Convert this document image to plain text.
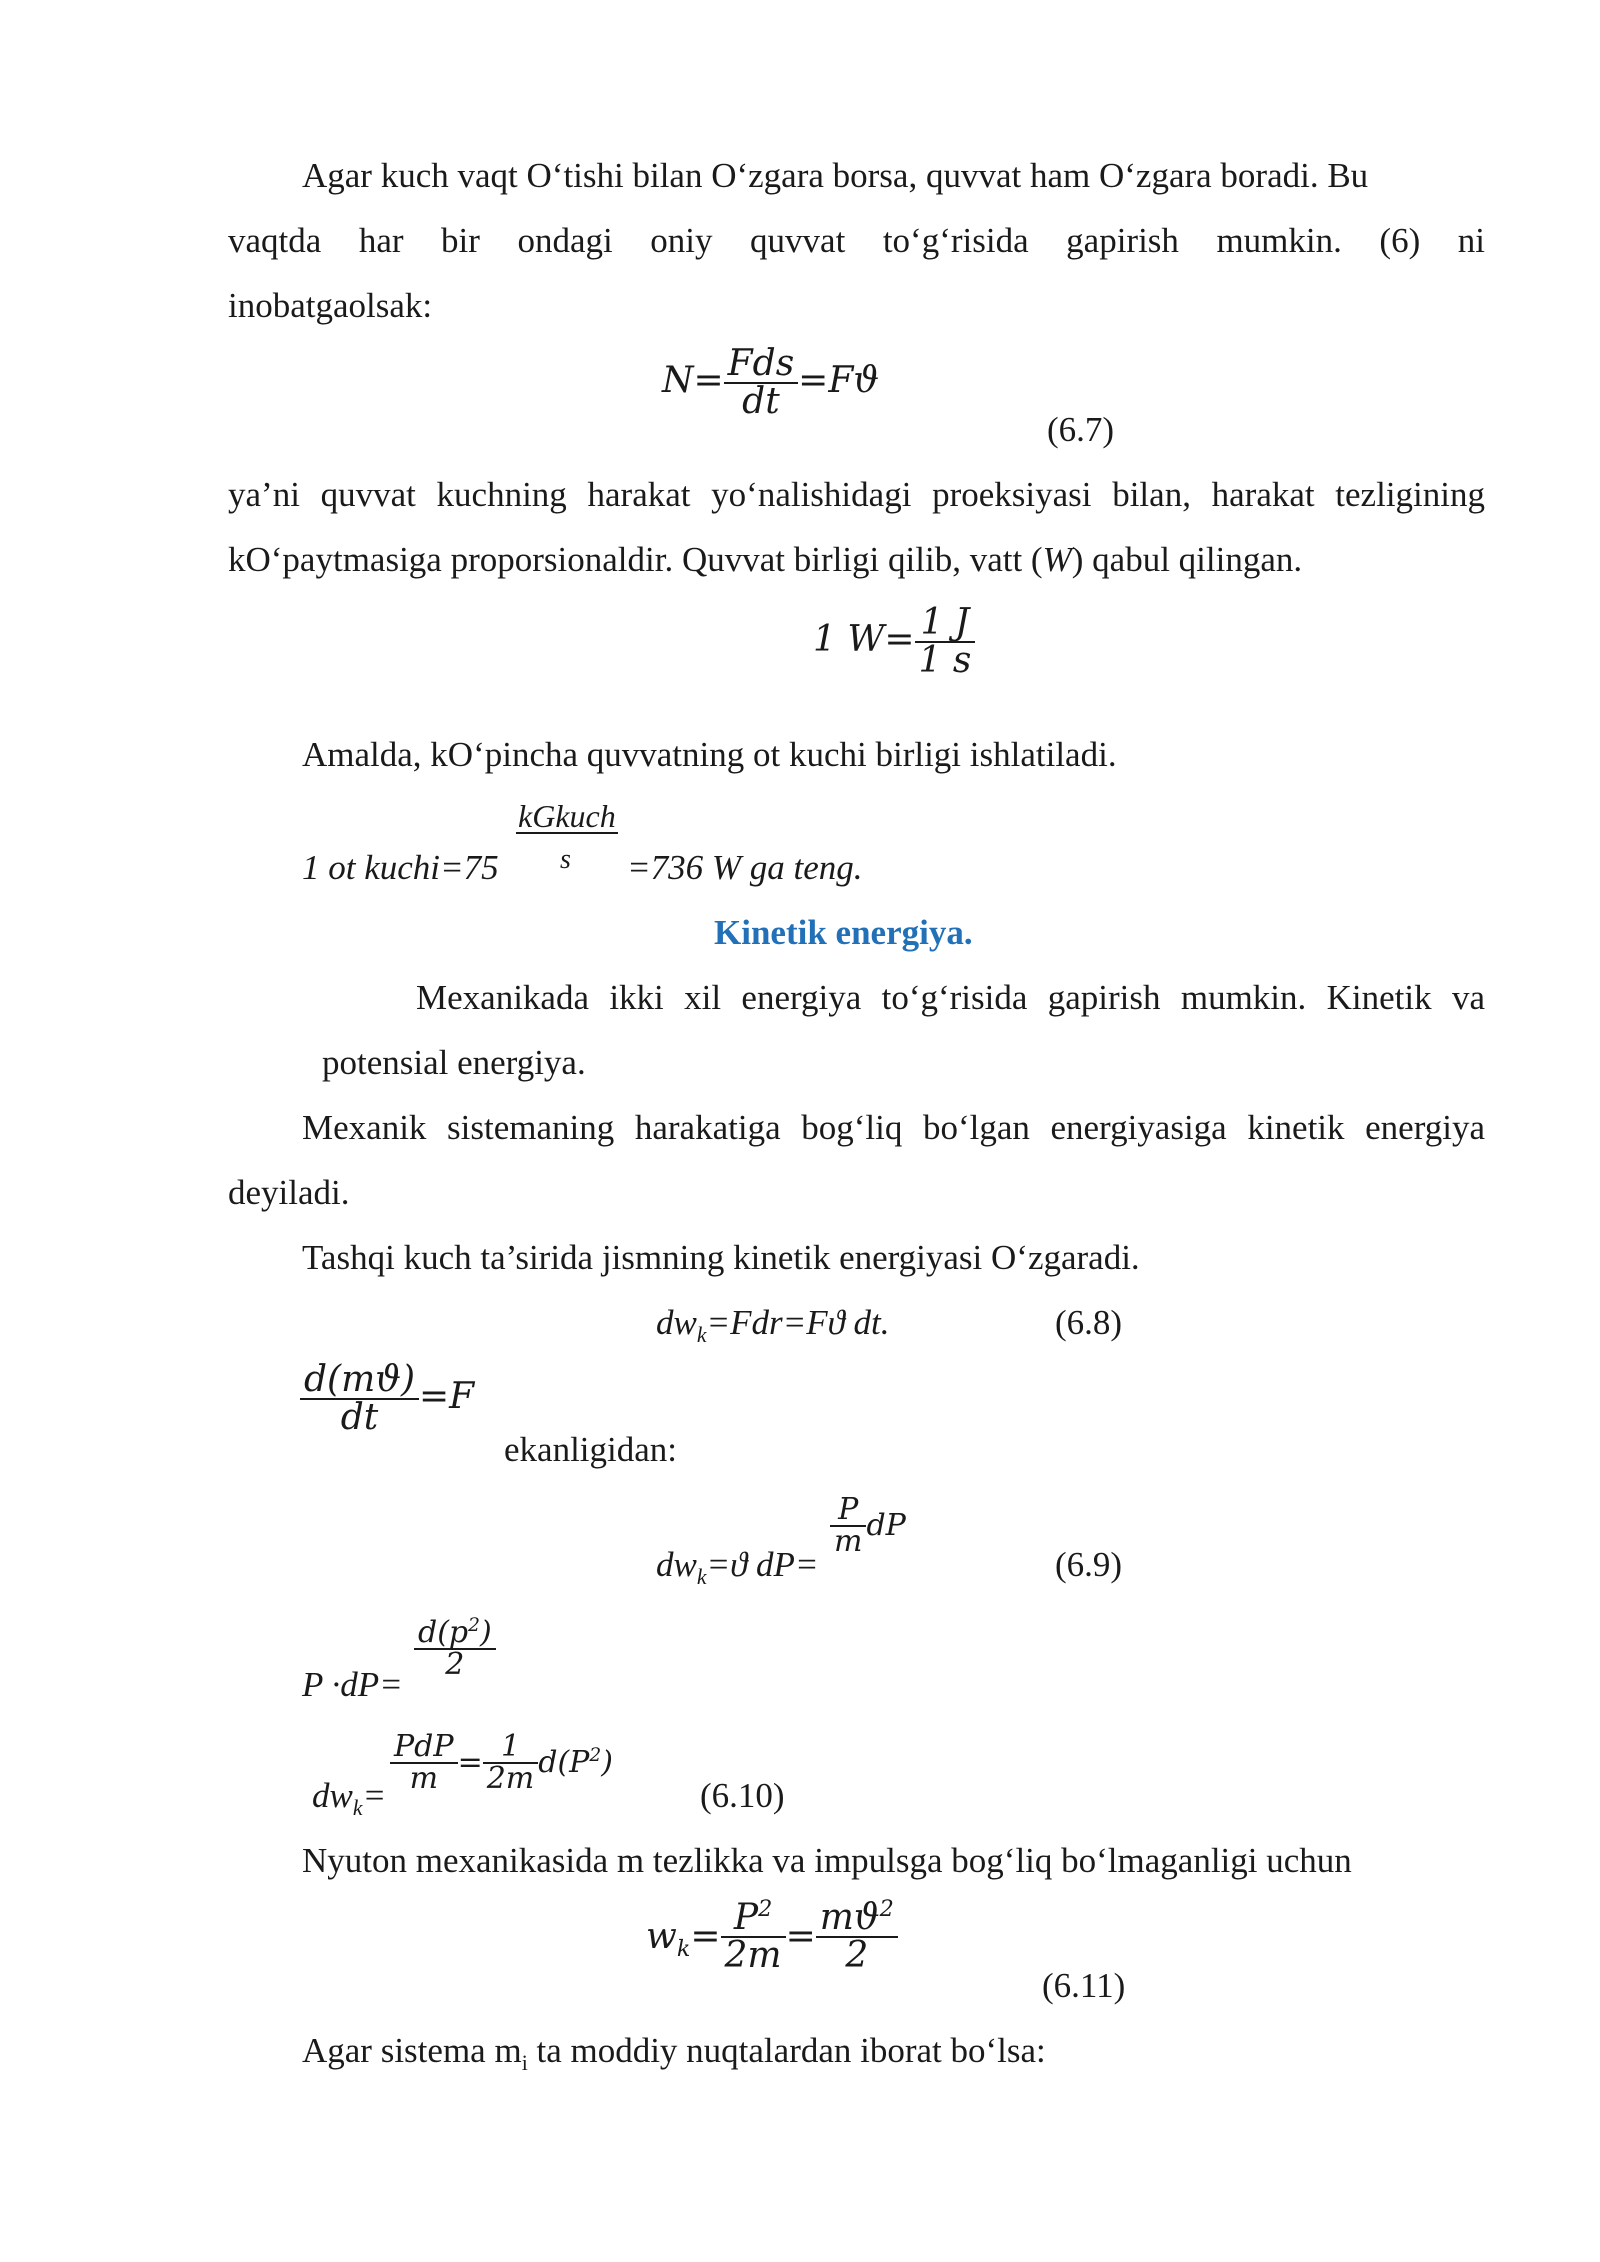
Agar kuch vaqt O‘tishi bilan O‘zgara borsa, quvvat ham O‘zgara boradi. Bu
vaqtda har bir ondagi oniy quvvat to‘g‘risida gapirish mumkin. (6) ni
inobatgaolsak:
$N= \frac{\text{Fds}}{dt} =Fϑ$
(6.7)
ya’ni quvvat kuchning harakat yo‘nalishidagi proeksiyasi bilan, harakat tezligining
kO‘paytmasiga proporsionaldir. Quvvat birligi qilib, vatt (W) qabul qilingan.
1 $W= \frac{1 J}{1 s}$
Amalda, kO‘pincha quvvatning ot kuchi birligi ishlatiladi.
1 ot kuchi=75
kGkuch
s =736 W ga teng.
Kinetik energiya.
Mexanikada ikki xil energiya to‘g‘risida gapirish mumkin. Kinetik va
potensial energiya.
Mexanik sistemaning harakatiga bog‘liq bo‘lgan energiyasiga kinetik energiya
deyiladi.
Tashqi kuch ta’sirida jismning kinetik energiyasi O‘zgaradi.
$dw_k=Fdr=Fϑ$ dt.	(6.8)
$\frac{d(mϑ)}{dt} =F$
ekanligidan:
$dw_k=ϑ$ dP=
$\frac{P}{m}$ dP
(6.9)
P ·dP=
$\frac{d(p^2)}{2}$
$dw_k=$
$\frac{\text{PdP}}{m} = \frac{1}{2m} d(P^2)$
(6.10)
Nyuton mexanikasida m tezlikka va impulsga bog‘liq bo‘lmaganligi uchun
$w_k= \frac{P^2}{2m} = \frac{mϑ^2}{2}$
(6.11)
Agar sistema $m_i$ ta moddiy nuqtalardan iborat bo‘lsa:
